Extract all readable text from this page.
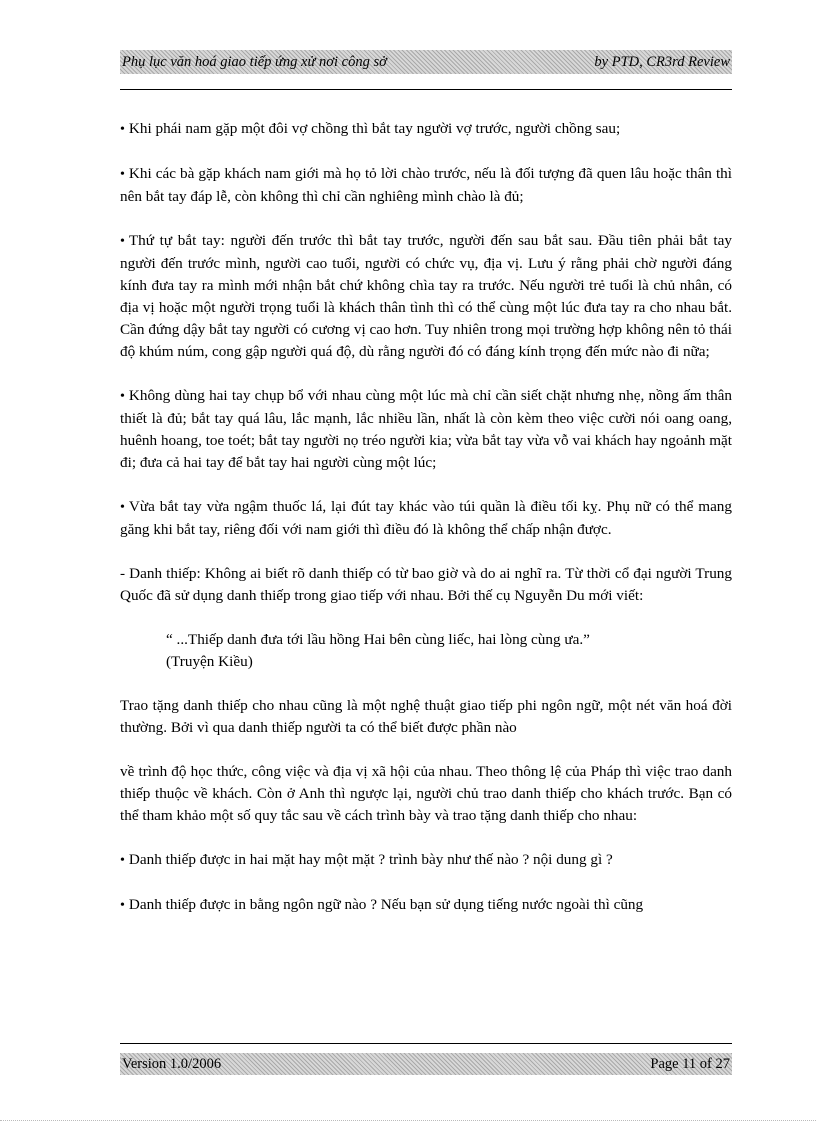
Phụ lục văn hoá giao tiếp ứng xử nơi công sở	by PTD, CR3rd Review

• Khi phái nam gặp một đôi vợ chồng thì bắt tay người vợ trước, người chồng sau;

• Khi các bà gặp khách nam giới mà họ tỏ lời chào trước, nếu là đối tượng đã quen lâu hoặc thân thì nên bắt tay đáp lễ, còn không thì chỉ cần nghiêng mình chào là đủ;

• Thứ tự bắt tay: người đến trước thì bắt tay trước, người đến sau bắt sau. Đầu tiên phải bắt tay người đến trước mình, người cao tuổi, người có chức vụ, địa vị. Lưu ý rằng phải chờ người đáng kính đưa tay ra mình mới nhận bắt chứ không chìa tay ra trước. Nếu người trẻ tuổi là chủ nhân, có địa vị hoặc một người trọng tuổi là khách thân tình thì có thể cùng một lúc đưa tay ra cho nhau bắt. Cần đứng dậy bắt tay người có cương vị cao hơn. Tuy nhiên trong mọi trường hợp không nên tỏ thái độ khúm núm, cong gập người quá độ, dù rằng người đó có đáng kính trọng đến mức nào đi nữa;

• Không dùng hai tay chụp bổ với nhau cùng một lúc mà chỉ cần siết chặt nhưng nhẹ, nồng ấm thân thiết là đủ; bắt tay quá lâu, lắc mạnh, lắc nhiều lần, nhất là còn kèm theo việc cười nói oang oang, huênh hoang, toe toét; bắt tay người nọ tréo người kia; vừa bắt tay vừa vỗ vai khách hay ngoảnh mặt đi; đưa cả hai tay để bắt tay hai người cùng một lúc;

• Vừa bắt tay vừa ngậm thuốc lá, lại đút tay khác vào túi quần là điều tối kỵ. Phụ nữ có thể mang găng khi bắt tay, riêng đối với nam giới thì điều đó là không thể chấp nhận được.

- Danh thiếp: Không ai biết rõ danh thiếp có từ bao giờ và do ai nghĩ ra. Từ thời cổ đại người Trung Quốc đã sử dụng danh thiếp trong giao tiếp với nhau. Bởi thế cụ Nguyễn Du mới viết:

“ ...Thiếp danh đưa tới lầu hồng Hai bên cùng liếc, hai lòng cùng ưa.”
(Truyện Kiều)

Trao tặng danh thiếp cho nhau cũng là một nghệ thuật giao tiếp phi ngôn ngữ, một nét văn hoá đời thường. Bởi vì qua danh thiếp người ta có thể biết được phần nào

về trình độ học thức, công việc và địa vị xã hội của nhau. Theo thông lệ của Pháp thì việc trao danh thiếp thuộc về khách. Còn ở Anh thì ngược lại, người chủ trao danh thiếp cho khách trước. Bạn có thể tham khảo một số quy tắc sau về cách trình bày và trao tặng danh thiếp cho nhau:

• Danh thiếp được in hai mặt hay một mặt ? trình bày như thế nào ? nội dung gì ?

• Danh thiếp được in bằng ngôn ngữ nào ? Nếu bạn sử dụng tiếng nước ngoài thì cũng

Version 1.0/2006	Page 11 of 27
